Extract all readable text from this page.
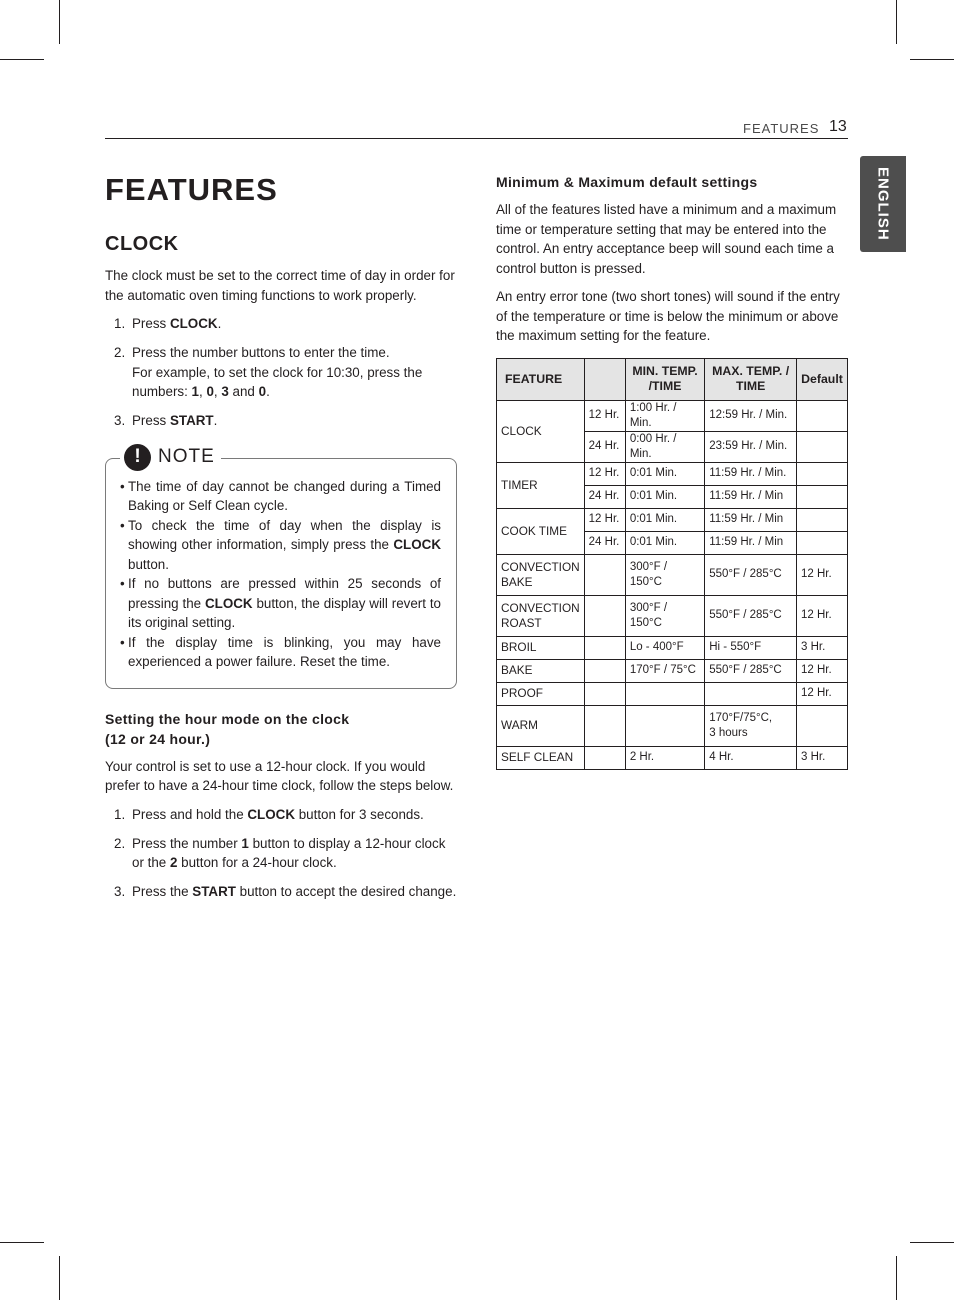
FEATURES 13
ENGLISH
FEATURES
CLOCK

The clock must be set to the correct time of day in order for the automatic oven timing functions to work properly.

1. Press CLOCK.
2. Press the number buttons to enter the time.
For example, to set the clock for 10:30, press the numbers: 1, 0, 3 and 0.
3. Press START.
! NOTE
• The time of day cannot be changed during a Timed Baking or Self Clean cycle.
• To check the time of day when the display is showing other information, simply press the CLOCK button.
• If no buttons are pressed within 25 seconds of pressing the CLOCK button, the display will revert to its original setting.
• If the display time is blinking, you may have experienced a power failure. Reset the time.
Setting the hour mode on the clock
(12 or 24 hour.)

Your control is set to use a 12-hour clock. If you would prefer to have a 24-hour time clock, follow the steps below.

1. Press and hold the CLOCK button for 3 seconds.
2. Press the number 1 button to display a 12-hour clock or the 2 button for a 24-hour clock.
3. Press the START button to accept the desired change.
Minimum & Maximum default settings

All of the features listed have a minimum and a maximum time or temperature setting that may be entered into the control. An entry acceptance beep will sound each time a control button is pressed.

An entry error tone (two short tones) will sound if the entry of the temperature or time is below the minimum or above the maximum setting for the feature.

FEATURE		MIN. TEMP. /TIME	MAX. TEMP. / TIME	Default
CLOCK	12 Hr.	1:00 Hr. / Min.	12:59 Hr. / Min.	
	24 Hr.	0:00 Hr. / Min.	23:59 Hr. / Min.	
TIMER	12 Hr.	0:01 Min.	11:59 Hr. / Min.	
	24 Hr.	0:01 Min.	11:59 Hr. / Min	
COOK TIME	12 Hr.	0:01 Min.	11:59 Hr. / Min	
	24 Hr.	0:01 Min.	11:59 Hr. / Min	
CONVECTION
BAKE		300°F / 150°C	550°F / 285°C	12 Hr.
CONVECTION
ROAST		300°F / 150°C	550°F / 285°C	12 Hr.
BROIL		Lo - 400°F	Hi - 550°F	3 Hr.
BAKE		170°F / 75°C	550°F / 285°C	12 Hr.
PROOF				12 Hr.
WARM			170°F/75°C,
3 hours	
SELF CLEAN		2 Hr.	4 Hr.	3 Hr.
